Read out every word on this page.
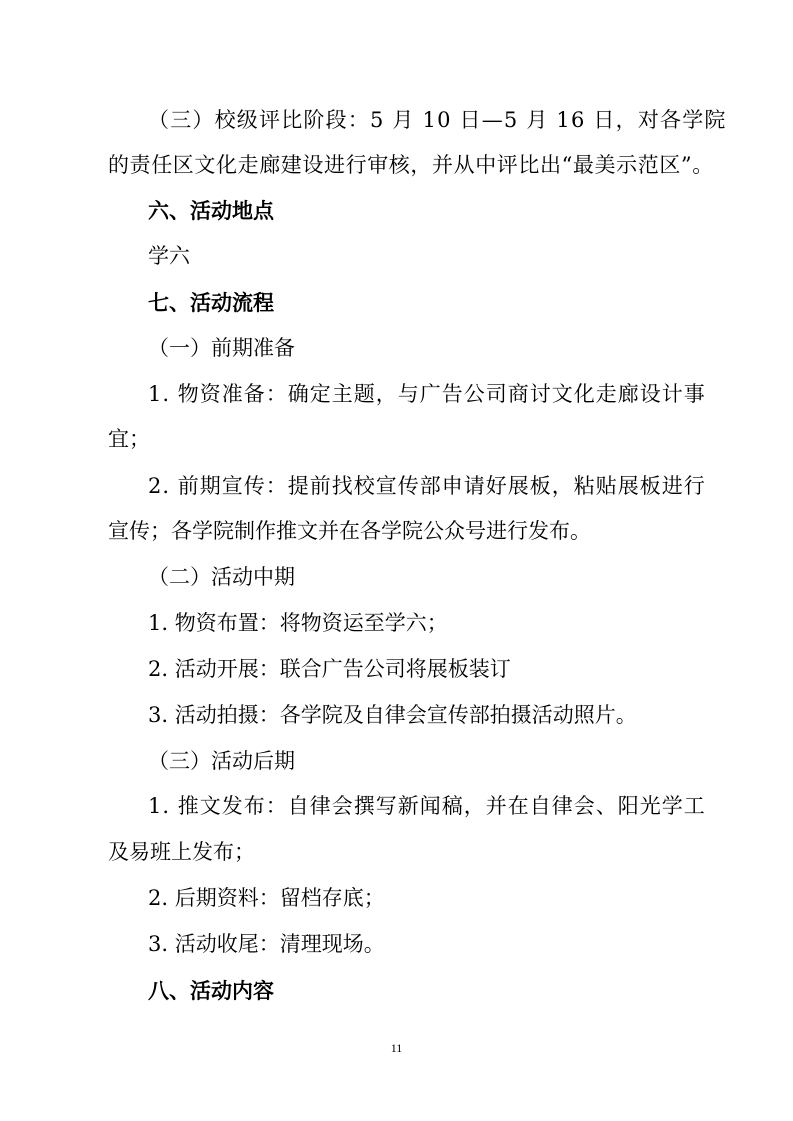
（三）校级评比阶段：5 月 10 日—5 月 16 日，对各学院
的责任区文化走廊建设进行审核，并从中评比出“最美示范区”。
六、活动地点
学六
七、活动流程
（一）前期准备
1. 物资准备：确定主题，与广告公司商讨文化走廊设计事
宜；
2. 前期宣传：提前找校宣传部申请好展板，粘贴展板进行
宣传；各学院制作推文并在各学院公众号进行发布。
（二）活动中期
1. 物资布置：将物资运至学六；
2. 活动开展：联合广告公司将展板装订
3. 活动拍摄：各学院及自律会宣传部拍摄活动照片。
（三）活动后期
1. 推文发布：自律会撰写新闻稿，并在自律会、阳光学工
及易班上发布；
2. 后期资料：留档存底；
3. 活动收尾：清理现场。
八、活动内容
11
